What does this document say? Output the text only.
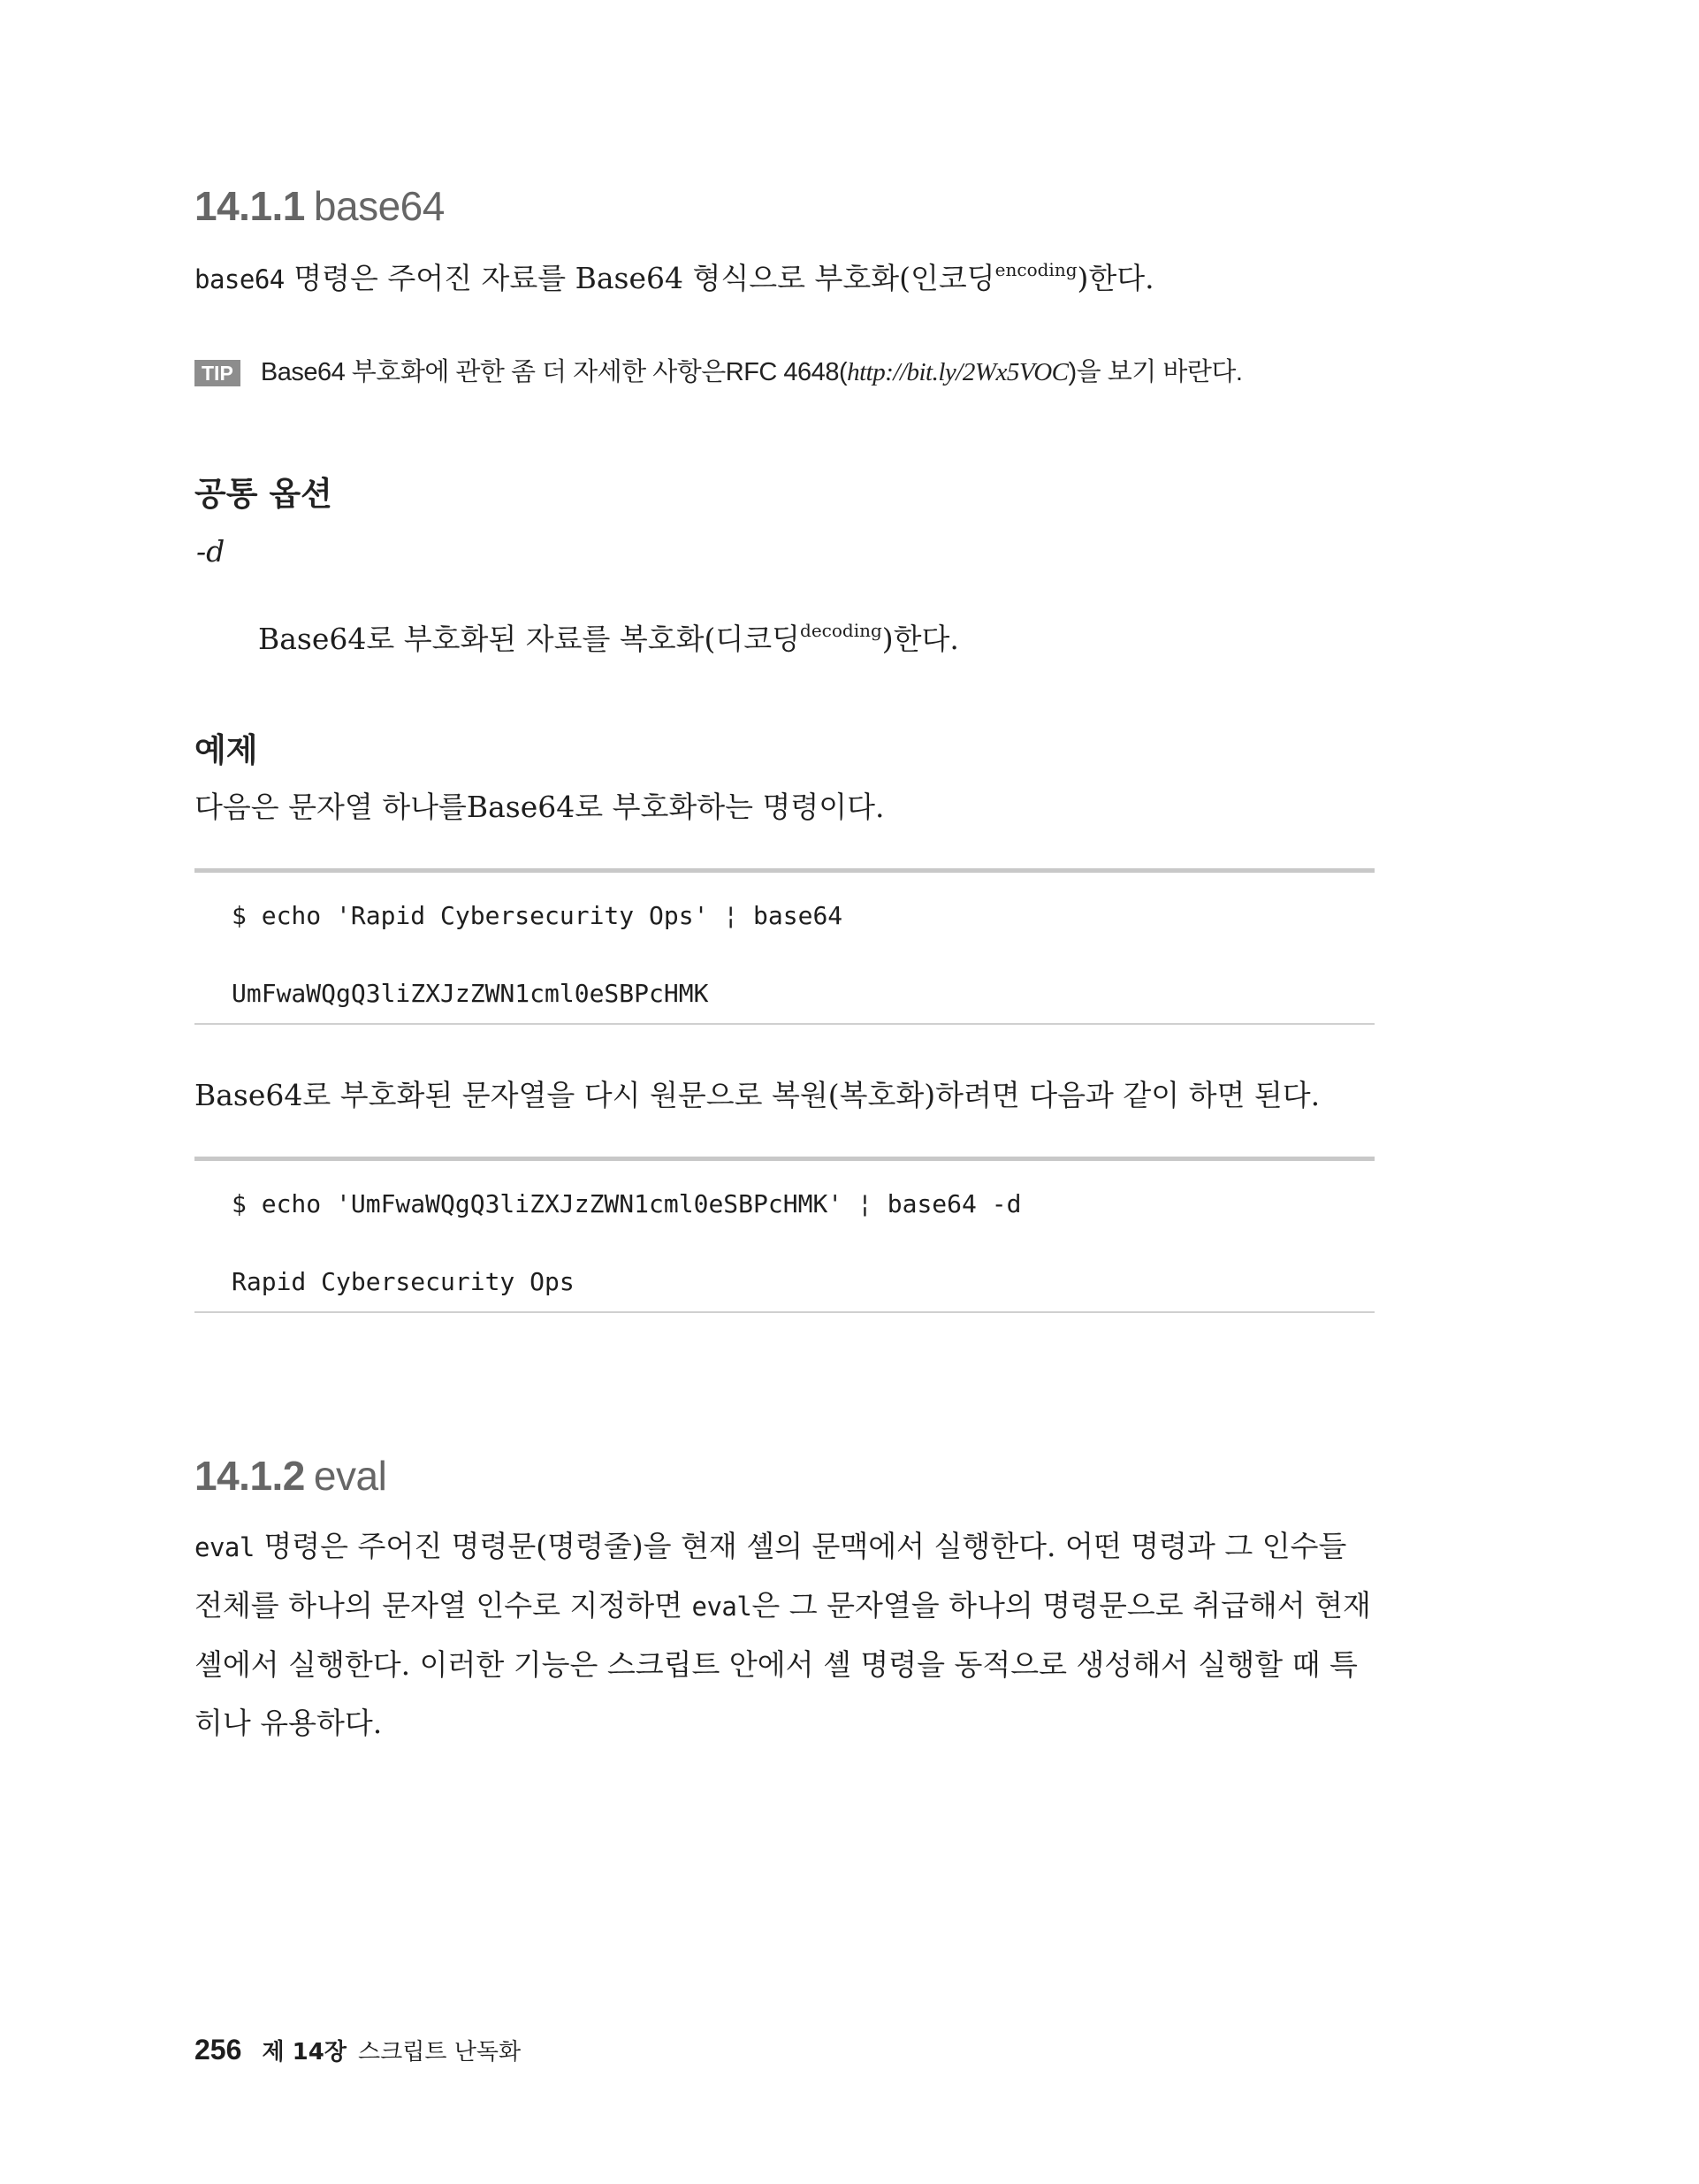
14.1.1 base64
base64 명령은 주어진 자료를 Base64 형식으로 부호화(인코딩$^{encoding}$)한다.
TIP Base64 부호화에 관한 좀 더 자세한 사항은RFC 4648(http://bit.ly/2Wx5VOC)을 보기 바란다.
공통 옵션
-d
Base64로 부호화된 자료를 복호화(디코딩$^{decoding}$)한다.
예제
다음은 문자열 하나를Base64로 부호화하는 명령이다.
$ echo 'Rapid Cybersecurity Ops' ¦ base64
UmFwaWQgQ3liZXJzZWN1cml0eSBPcHMK
Base64로 부호화된 문자열을 다시 원문으로 복원(복호화)하려면 다음과 같이 하면 된다.
$ echo 'UmFwaWQgQ3liZXJzZWN1cml0eSBPcHMK' ¦ base64 -d
Rapid Cybersecurity Ops
14.1.2 eval
eval 명령은 주어진 명령문(명령줄)을 현재 셸의 문맥에서 실행한다. 어떤 명령과 그 인수들
전체를 하나의 문자열 인수로 지정하면 eval은 그 문자열을 하나의 명령문으로 취급해서 현재
셸에서 실행한다. 이러한 기능은 스크립트 안에서 셸 명령을 동적으로 생성해서 실행할 때 특
히나 유용하다.
256 제 14장 스크립트 난독화
